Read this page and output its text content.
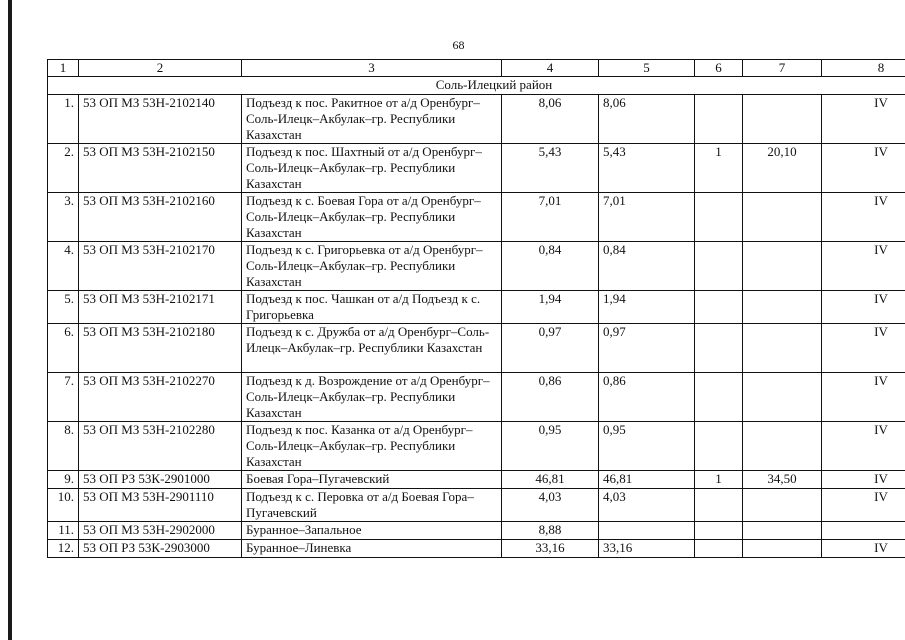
68
1	2	3	4	5	6	7	8
Соль-Илецкий район							
1.	53 ОП МЗ 53Н-2102140	Подъезд к пос. Ракитное от а/д Оренбург–Соль-Илецк–Акбулак–гр. Республики Казахстан	8,06	8,06			IV
2.	53 ОП МЗ 53Н-2102150	Подъезд к пос. Шахтный от а/д Оренбург–Соль-Илецк–Акбулак–гр. Республики Казахстан	5,43	5,43	1	20,10	IV
3.	53 ОП МЗ 53Н-2102160	Подъезд к с. Боевая Гора от а/д Оренбург–Соль-Илецк–Акбулак–гр. Республики Казахстан	7,01	7,01			IV
4.	53 ОП МЗ 53Н-2102170	Подъезд к с. Григорьевка от а/д Оренбург–Соль-Илецк–Акбулак–гр. Республики Казахстан	0,84	0,84			IV
5.	53 ОП МЗ 53Н-2102171	Подъезд к пос. Чашкан от а/д Подъезд к с. Григорьевка	1,94	1,94			IV
6.	53 ОП МЗ 53Н-2102180	Подъезд к с. Дружба от а/д Оренбург–Соль-Илецк–Акбулак–гр. Республики Казахстан	0,97	0,97			IV
7.	53 ОП МЗ 53Н-2102270	Подъезд к д. Возрождение от а/д Оренбург–Соль-Илецк–Акбулак–гр. Республики Казахстан	0,86	0,86			IV
8.	53 ОП МЗ 53Н-2102280	Подъезд к пос. Казанка от а/д Оренбург–Соль-Илецк–Акбулак–гр. Республики Казахстан	0,95	0,95			IV
9.	53 ОП РЗ 53К-2901000	Боевая Гора–Пугачевский	46,81	46,81	1	34,50	IV
10.	53 ОП МЗ 53Н-2901110	Подъезд к с. Перовка от а/д Боевая Гора–Пугачевский	4,03	4,03			IV
11.	53 ОП МЗ 53Н-2902000	Буранное–Запальное	8,88				
12.	53 ОП РЗ 53К-2903000	Буранное–Линевка	33,16	33,16			IV
